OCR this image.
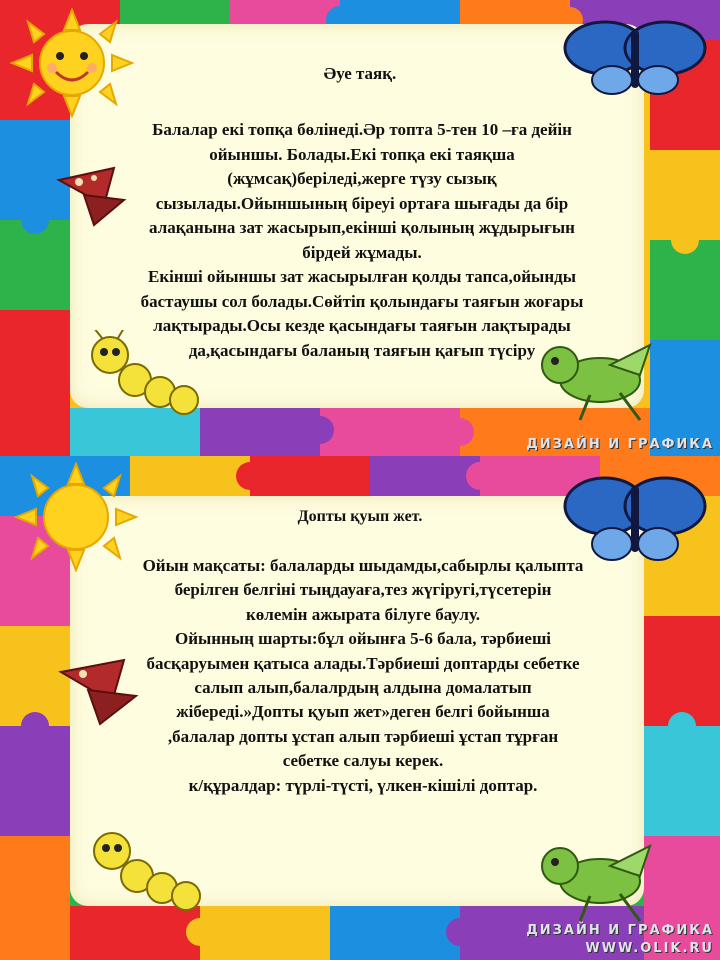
Әуе таяқ.
Балалар екі топқа бөлінеді.Әр топта 5-тен 10 –ға дейін
ойыншы. Болады.Екі топқа екі таяқша
(жұмсақ)беріледі,жерге түзу сызық
сызылады.Ойыншының біреуі ортаға шығады да бір
алақанына зат жасырып,екінші қолының жұдырығын
бірдей жұмады.
Екінші ойыншы зат жасырылған қолды тапса,ойынды
бастаушы сол болады.Сөйтіп қолындағы таяғын жоғары
лақтырады.Осы кезде қасындағы таяғын лақтырады
да,қасындағы баланың таяғын қағып түсіру
ДИЗАЙН И ГРАФИКА
Допты қуып жет.
Ойын мақсаты: балаларды шыдамды,сабырлы қалыпта
берілген белгіні тыңдауаға,тез жүгіругі,түсетерін
көлемін ажырата білуге баулу.
Ойынның шарты:бұл ойынға 5-6 бала, тәрбиеші
басқаруымен қатыса алады.Тәрбиеші доптарды себетке
салып алып,балалрдың алдына домалатып
жібереді.»Допты қуып жет»деген белгі бойынша
,балалар допты ұстап алып тәрбиеші ұстап тұрған
себетке салуы керек.
к/құралдар: түрлі-түсті, үлкен-кішілі доптар.
ДИЗАЙН И ГРАФИКА
WWW.OLIK.RU
